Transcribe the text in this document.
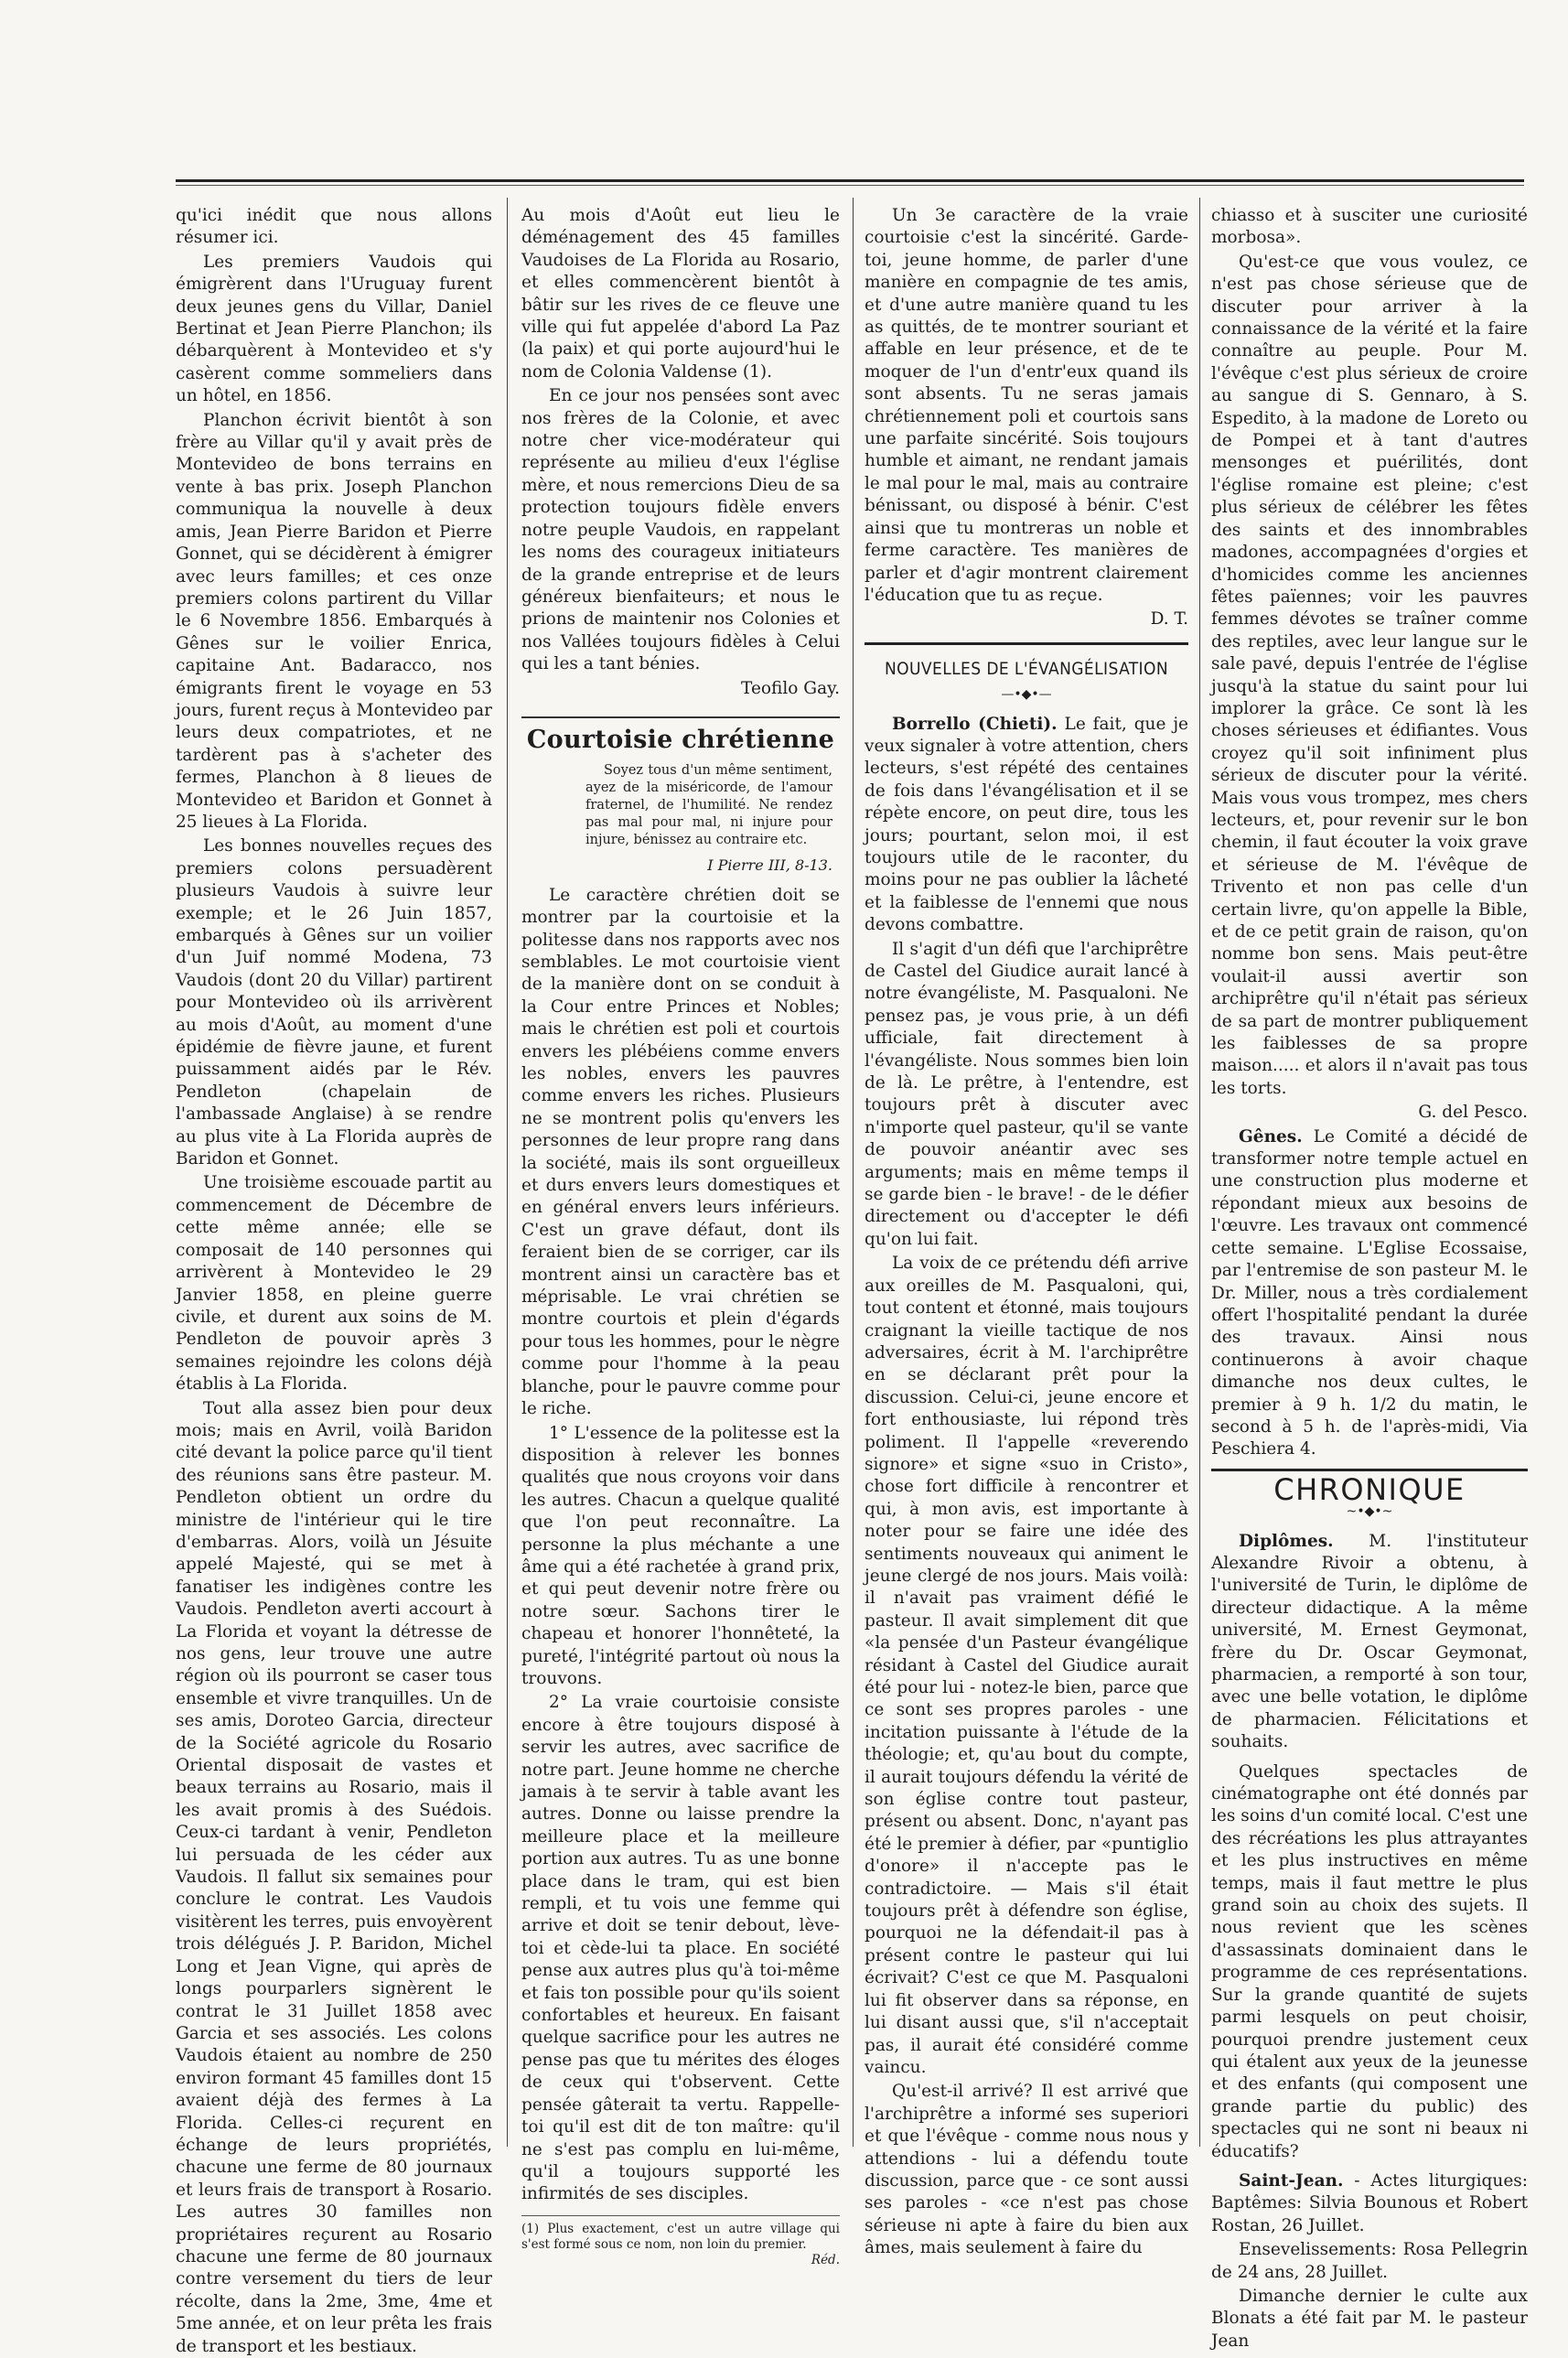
qu'ici inédit que nous allons résumer ici.

Les premiers Vaudois qui émigrèrent dans l'Uruguay furent deux jeunes gens du Villar, Daniel Bertinat et Jean Pierre Planchon; ils débarquèrent à Montevideo et s'y casèrent comme sommeliers dans un hôtel, en 1856.

Planchon écrivit bientôt à son frère au Villar qu'il y avait près de Montevideo de bons terrains en vente à bas prix. Joseph Planchon communiqua la nouvelle à deux amis, Jean Pierre Baridon et Pierre Gonnet, qui se décidèrent à émigrer avec leurs familles; et ces onze premiers colons partirent du Villar le 6 Novembre 1856. Embarqués à Gênes sur le voilier Enrica, capitaine Ant. Badaracco, nos émigrants firent le voyage en 53 jours, furent reçus à Montevideo par leurs deux compatriotes, et ne tardèrent pas à s'acheter des fermes, Planchon à 8 lieues de Montevideo et Baridon et Gonnet à 25 lieues à La Florida.

Les bonnes nouvelles reçues des premiers colons persuadèrent plusieurs Vaudois à suivre leur exemple; et le 26 Juin 1857, embarqués à Gênes sur un voilier d'un Juif nommé Modena, 73 Vaudois (dont 20 du Villar) partirent pour Montevideo où ils arrivèrent au mois d'Août, au moment d'une épidémie de fièvre jaune, et furent puissamment aidés par le Rév. Pendleton (chapelain de l'ambassade Anglaise) à se rendre au plus vite à La Florida auprès de Baridon et Gonnet.

Une troisième escouade partit au commencement de Décembre de cette même année; elle se composait de 140 personnes qui arrivèrent à Montevideo le 29 Janvier 1858, en pleine guerre civile, et durent aux soins de M. Pendleton de pouvoir après 3 semaines rejoindre les colons déjà établis à La Florida.

Tout alla assez bien pour deux mois; mais en Avril, voilà Baridon cité devant la police parce qu'il tient des réunions sans être pasteur. M. Pendleton obtient un ordre du ministre de l'intérieur qui le tire d'embarras. Alors, voilà un Jésuite appelé Majesté, qui se met à fanatiser les indigènes contre les Vaudois. Pendleton averti accourt à La Florida et voyant la détresse de nos gens, leur trouve une autre région où ils pourront se caser tous ensemble et vivre tranquilles. Un de ses amis, Doroteo Garcia, directeur de la Société agricole du Rosario Oriental disposait de vastes et beaux terrains au Rosario, mais il les avait promis à des Suédois. Ceux-ci tardant à venir, Pendleton lui persuada de les céder aux Vaudois. Il fallut six semaines pour conclure le contrat. Les Vaudois visitèrent les terres, puis envoyèrent trois délégués J. P. Baridon, Michel Long et Jean Vigne, qui après de longs pourparlers signèrent le contrat le 31 Juillet 1858 avec Garcia et ses associés. Les colons Vaudois étaient au nombre de 250 environ formant 45 familles dont 15 avaient déjà des fermes à La Florida. Celles-ci reçurent en échange de leurs propriétés, chacune une ferme de 80 journaux et leurs frais de transport à Rosario. Les autres 30 familles non propriétaires reçurent au Rosario chacune une ferme de 80 journaux contre versement du tiers de leur récolte, dans la 2me, 3me, 4me et 5me année, et on leur prêta les frais de transport et les bestiaux.

Au mois d'Août eut lieu le déménagement des 45 familles Vaudoises de La Florida au Rosario, et elles commencèrent bientôt à bâtir sur les rives de ce fleuve une ville qui fut appelée d'abord La Paz (la paix) et qui porte aujourd'hui le nom de Colonia Valdense (1).

En ce jour nos pensées sont avec nos frères de la Colonie, et avec notre cher vice-modérateur qui représente au milieu d'eux l'église mère, et nous remercions Dieu de sa protection toujours fidèle envers notre peuple Vaudois, en rappelant les noms des courageux initiateurs de la grande entreprise et de leurs généreux bienfaiteurs; et nous le prions de maintenir nos Colonies et nos Vallées toujours fidèles à Celui qui les a tant bénies.

Teofilo Gay.

Courtoisie chrétienne
Soyez tous d'un même sentiment, ayez de la miséricorde, de l'amour fraternel, de l'humilité. Ne rendez pas mal pour mal, ni injure pour injure, bénissez au contraire etc.
I Pierre III, 8-13.

Le caractère chrétien doit se montrer par la courtoisie et la politesse dans nos rapports avec nos semblables. Le mot courtoisie vient de la manière dont on se conduit à la Cour entre Princes et Nobles; mais le chrétien est poli et courtois envers les plébéiens comme envers les nobles, envers les pauvres comme envers les riches. Plusieurs ne se montrent polis qu'envers les personnes de leur propre rang dans la société, mais ils sont orgueilleux et durs envers leurs domestiques et en général envers leurs inférieurs. C'est un grave défaut, dont ils feraient bien de se corriger, car ils montrent ainsi un caractère bas et méprisable. Le vrai chrétien se montre courtois et plein d'égards pour tous les hommes, pour le nègre comme pour l'homme à la peau blanche, pour le pauvre comme pour le riche.

1° L'essence de la politesse est la disposition à relever les bonnes qualités que nous croyons voir dans les autres. Chacun a quelque qualité que l'on peut reconnaître. La personne la plus méchante a une âme qui a été rachetée à grand prix, et qui peut devenir notre frère ou notre sœur. Sachons tirer le chapeau et honorer l'honnêteté, la pureté, l'intégrité partout où nous la trouvons.

2° La vraie courtoisie consiste encore à être toujours disposé à servir les autres, avec sacrifice de notre part. Jeune homme ne cherche jamais à te servir à table avant les autres. Donne ou laisse prendre la meilleure place et la meilleure portion aux autres. Tu as une bonne place dans le tram, qui est bien rempli, et tu vois une femme qui arrive et doit se tenir debout, lève-toi et cède-lui ta place. En société pense aux autres plus qu'à toi-même et fais ton possible pour qu'ils soient confortables et heureux. En faisant quelque sacrifice pour les autres ne pense pas que tu mérites des éloges de ceux qui t'observent. Cette pensée gâterait ta vertu. Rappelle-toi qu'il est dit de ton maître: qu'il ne s'est pas complu en lui-même, qu'il a toujours supporté les infirmités de ses disciples.

(1) Plus exactement, c'est un autre village qui s'est formé sous ce nom, non loin du premier.
Réd.

Un 3e caractère de la vraie courtoisie c'est la sincérité. Garde-toi, jeune homme, de parler d'une manière en compagnie de tes amis, et d'une autre manière quand tu les as quittés, de te montrer souriant et affable en leur présence, et de te moquer de l'un d'entr'eux quand ils sont absents. Tu ne seras jamais chrétiennement poli et courtois sans une parfaite sincérité. Sois toujours humble et aimant, ne rendant jamais le mal pour le mal, mais au contraire bénissant, ou disposé à bénir. C'est ainsi que tu montreras un noble et ferme caractère. Tes manières de parler et d'agir montrent clairement l'éducation que tu as reçue.

D. T.

NOUVELLES DE L'ÉVANGÉLISATION
—•◆•—

Borrello (Chieti). Le fait, que je veux signaler à votre attention, chers lecteurs, s'est répété des centaines de fois dans l'évangélisation et il se répète encore, on peut dire, tous les jours; pourtant, selon moi, il est toujours utile de le raconter, du moins pour ne pas oublier la lâcheté et la faiblesse de l'ennemi que nous devons combattre.

Il s'agit d'un défi que l'archiprêtre de Castel del Giudice aurait lancé à notre évangéliste, M. Pasqualoni. Ne pensez pas, je vous prie, à un défi ufficiale, fait directement à l'évangéliste. Nous sommes bien loin de là. Le prêtre, à l'entendre, est toujours prêt à discuter avec n'importe quel pasteur, qu'il se vante de pouvoir anéantir avec ses arguments; mais en même temps il se garde bien - le brave! - de le défier directement ou d'accepter le défi qu'on lui fait.

La voix de ce prétendu défi arrive aux oreilles de M. Pasqualoni, qui, tout content et étonné, mais toujours craignant la vieille tactique de nos adversaires, écrit à M. l'archiprêtre en se déclarant prêt pour la discussion. Celui-ci, jeune encore et fort enthousiaste, lui répond très poliment. Il l'appelle «reverendo signore» et signe «suo in Cristo», chose fort difficile à rencontrer et qui, à mon avis, est importante à noter pour se faire une idée des sentiments nouveaux qui animent le jeune clergé de nos jours. Mais voilà: il n'avait pas vraiment défié le pasteur. Il avait simplement dit que «la pensée d'un Pasteur évangélique résidant à Castel del Giudice aurait été pour lui - notez-le bien, parce que ce sont ses propres paroles - une incitation puissante à l'étude de la théologie; et, qu'au bout du compte, il aurait toujours défendu la vérité de son église contre tout pasteur, présent ou absent. Donc, n'ayant pas été le premier à défier, par «puntiglio d'onore» il n'accepte pas le contradictoire. — Mais s'il était toujours prêt à défendre son église, pourquoi ne la défendait-il pas à présent contre le pasteur qui lui écrivait? C'est ce que M. Pasqualoni lui fit observer dans sa réponse, en lui disant aussi que, s'il n'acceptait pas, il aurait été considéré comme vaincu.

Qu'est-il arrivé? Il est arrivé que l'archiprêtre a informé ses superiori et que l'évêque - comme nous nous y attendions - lui a défendu toute discussion, parce que - ce sont aussi ses paroles - «ce n'est pas chose sérieuse ni apte à faire du bien aux âmes, mais seulement à faire du

chiasso et à susciter une curiosité morbosa».

Qu'est-ce que vous voulez, ce n'est pas chose sérieuse que de discuter pour arriver à la connaissance de la vérité et la faire connaître au peuple. Pour M. l'évêque c'est plus sérieux de croire au sangue di S. Gennaro, à S. Espedito, à la madone de Loreto ou de Pompei et à tant d'autres mensonges et puérilités, dont l'église romaine est pleine; c'est plus sérieux de célébrer les fêtes des saints et des innombrables madones, accompagnées d'orgies et d'homicides comme les anciennes fêtes païennes; voir les pauvres femmes dévotes se traîner comme des reptiles, avec leur langue sur le sale pavé, depuis l'entrée de l'église jusqu'à la statue du saint pour lui implorer la grâce. Ce sont là les choses sérieuses et édifiantes. Vous croyez qu'il soit infiniment plus sérieux de discuter pour la vérité. Mais vous vous trompez, mes chers lecteurs, et, pour revenir sur le bon chemin, il faut écouter la voix grave et sérieuse de M. l'évêque de Trivento et non pas celle d'un certain livre, qu'on appelle la Bible, et de ce petit grain de raison, qu'on nomme bon sens. Mais peut-être voulait-il aussi avertir son archiprêtre qu'il n'était pas sérieux de sa part de montrer publiquement les faiblesses de sa propre maison..... et alors il n'avait pas tous les torts.

G. del Pesco.

Gênes. Le Comité a décidé de transformer notre temple actuel en une construction plus moderne et répondant mieux aux besoins de l'œuvre. Les travaux ont commencé cette semaine. L'Eglise Ecossaise, par l'entremise de son pasteur M. le Dr. Miller, nous a très cordialement offert l'hospitalité pendant la durée des travaux. Ainsi nous continuerons à avoir chaque dimanche nos deux cultes, le premier à 9 h. 1/2 du matin, le second à 5 h. de l'après-midi, Via Peschiera 4.

CHRONIQUE
~•◆•~

Diplômes. M. l'instituteur Alexandre Rivoir a obtenu, à l'université de Turin, le diplôme de directeur didactique. A la même université, M. Ernest Geymonat, frère du Dr. Oscar Geymonat, pharmacien, a remporté à son tour, avec une belle votation, le diplôme de pharmacien. Félicitations et souhaits.

Quelques spectacles de cinématographe ont été donnés par les soins d'un comité local. C'est une des récréations les plus attrayantes et les plus instructives en même temps, mais il faut mettre le plus grand soin au choix des sujets. Il nous revient que les scènes d'assassinats dominaient dans le programme de ces représentations. Sur la grande quantité de sujets parmi lesquels on peut choisir, pourquoi prendre justement ceux qui étalent aux yeux de la jeunesse et des enfants (qui composent une grande partie du public) des spectacles qui ne sont ni beaux ni éducatifs?

Saint-Jean. - Actes liturgiques: Baptêmes: Silvia Bounous et Robert Rostan, 26 Juillet.

Ensevelissements: Rosa Pellegrin de 24 ans, 28 Juillet.

Dimanche dernier le culte aux Blonats a été fait par M. le pasteur Jean
